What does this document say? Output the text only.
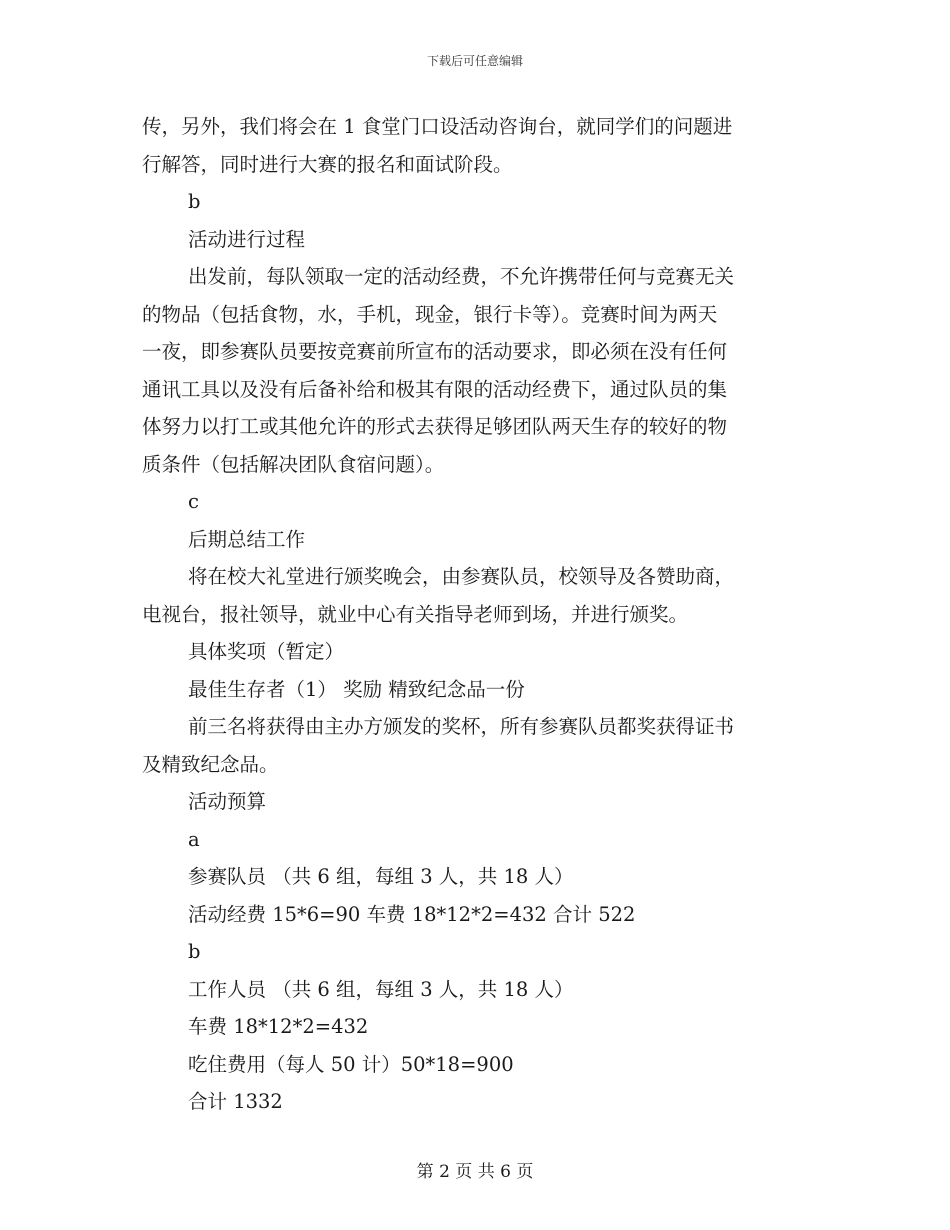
下载后可任意编辑

传，另外，我们将会在 1 食堂门口设活动咨询台，就同学们的问题进

行解答，同时进行大赛的报名和面试阶段。

b

活动进行过程

出发前，每队领取一定的活动经费，不允许携带任何与竞赛无关

的物品（包括食物，水，手机，现金，银行卡等）。竞赛时间为两天

一夜，即参赛队员要按竞赛前所宣布的活动要求，即必须在没有任何

通讯工具以及没有后备补给和极其有限的活动经费下，通过队员的集

体努力以打工或其他允许的形式去获得足够团队两天生存的较好的物

质条件（包括解决团队食宿问题）。

c

后期总结工作

将在校大礼堂进行颁奖晚会，由参赛队员，校领导及各赞助商，

电视台，报社领导，就业中心有关指导老师到场，并进行颁奖。

具体奖项（暂定）

最佳生存者（1） 奖励 精致纪念品一份

前三名将获得由主办方颁发的奖杯，所有参赛队员都奖获得证书

及精致纪念品。

活动预算

a

参赛队员 （共 6 组，每组 3 人，共 18 人）

活动经费 15*6=90 车费 18*12*2=432 合计 522

b

工作人员 （共 6 组，每组 3 人，共 18 人）

车费 18*12*2=432

吃住费用（每人 50 计）50*18=900

合计 1332

第 2 页 共 6 页
